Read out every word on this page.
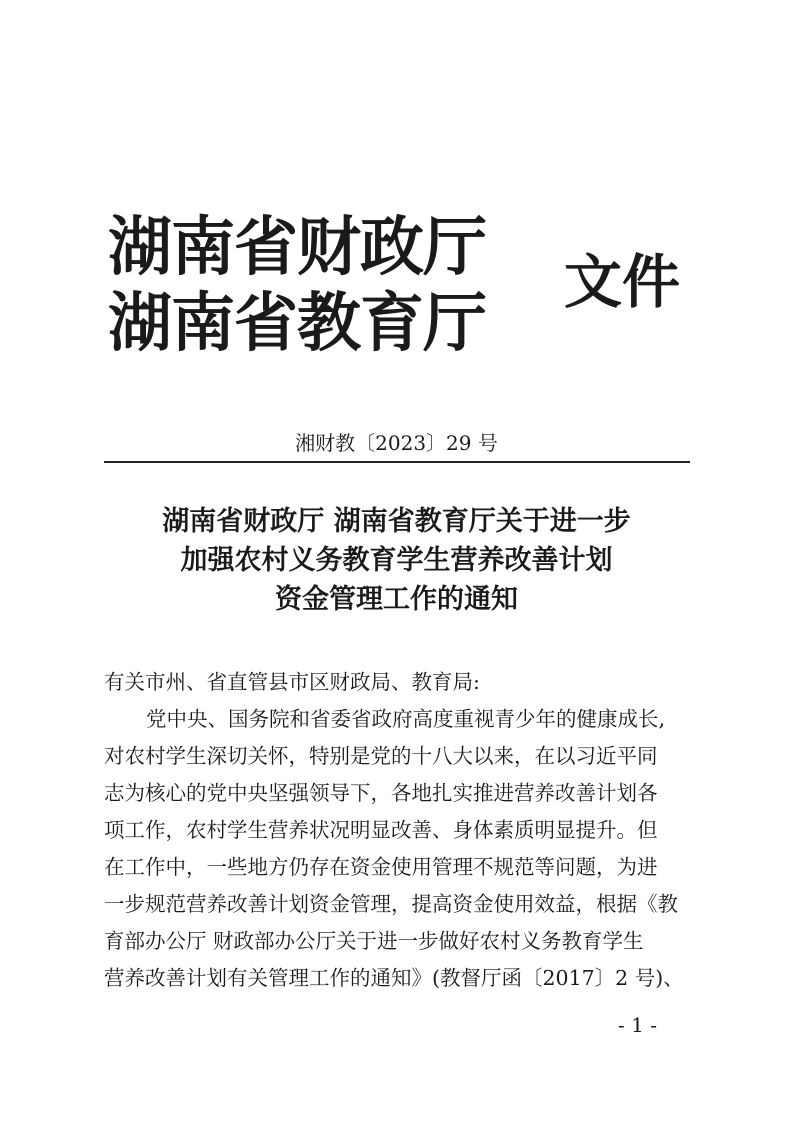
湖南省财政厅
湖南省教育厅
文件
湘财教〔2023〕29 号
湖南省财政厅 湖南省教育厅关于进一步
加强农村义务教育学生营养改善计划
资金管理工作的通知
有关市州、省直管县市区财政局、教育局:
党中央、国务院和省委省政府高度重视青少年的健康成长,
对农村学生深切关怀，特别是党的十八大以来，在以习近平同
志为核心的党中央坚强领导下，各地扎实推进营养改善计划各
项工作，农村学生营养状况明显改善、身体素质明显提升。但
在工作中，一些地方仍存在资金使用管理不规范等问题，为进
一步规范营养改善计划资金管理，提高资金使用效益，根据《教
育部办公厅 财政部办公厅关于进一步做好农村义务教育学生
营养改善计划有关管理工作的通知》(教督厅函〔2017〕2 号)、
- 1 -
